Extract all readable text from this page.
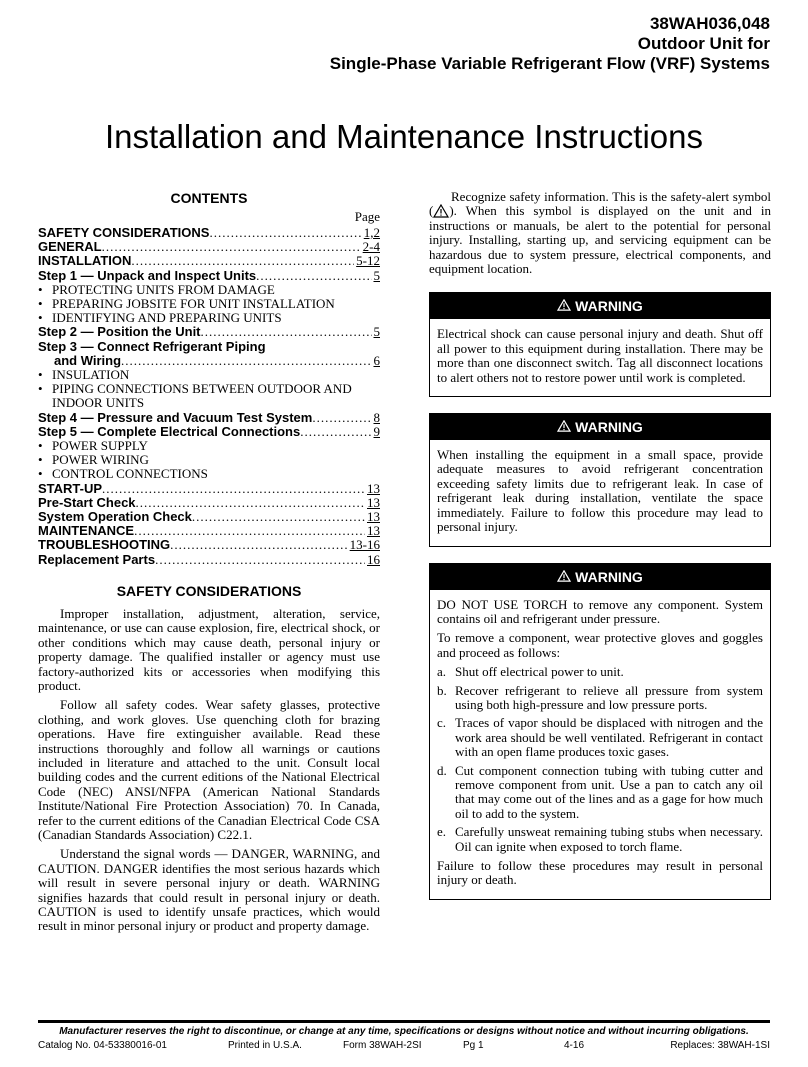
38WAH036,048
Outdoor Unit for
Single-Phase Variable Refrigerant Flow (VRF) Systems
Installation and Maintenance Instructions
CONTENTS
Page
SAFETY CONSIDERATIONS .....	1,2
GENERAL .....	2-4
INSTALLATION .....	5-12
Step 1 — Unpack and Inspect Units .....	5
• PROTECTING UNITS FROM DAMAGE
• PREPARING JOBSITE FOR UNIT INSTALLATION
• IDENTIFYING AND PREPARING UNITS
Step 2 — Position the Unit .....	5
Step 3 — Connect Refrigerant Piping
and Wiring .....	6
• INSULATION
• PIPING CONNECTIONS BETWEEN OUTDOOR AND INDOOR UNITS
Step 4 — Pressure and Vacuum Test System .....	8
Step 5 — Complete Electrical Connections .....	9
• POWER SUPPLY
• POWER WIRING
• CONTROL CONNECTIONS
START-UP .....	13
Pre-Start Check .....	13
System Operation Check .....	13
MAINTENANCE .....	13
TROUBLESHOOTING .....	13-16
Replacement Parts .....	16
SAFETY CONSIDERATIONS

Improper installation, adjustment, alteration, service, maintenance, or use can cause explosion, fire, electrical shock, or other conditions which may cause death, personal injury or property damage. The qualified installer or agency must use factory-authorized kits or accessories when modifying this product.

Follow all safety codes. Wear safety glasses, protective clothing, and work gloves. Use quenching cloth for brazing operations. Have fire extinguisher available. Read these instructions thoroughly and follow all warnings or cautions included in literature and attached to the unit. Consult local building codes and the current editions of the National Electrical Code (NEC) ANSI/NFPA (American National Standards Institute/National Fire Protection Association) 70. In Canada, refer to the current editions of the Canadian Electrical Code CSA (Canadian Standards Association) C22.1.

Understand the signal words — DANGER, WARNING, and CAUTION. DANGER identifies the most serious hazards which will result in severe personal injury or death. WARNING signifies hazards that could result in personal injury or death. CAUTION is used to identify unsafe practices, which would result in minor personal injury or product and property damage.

Recognize safety information. This is the safety-alert symbol ( ). When this symbol is displayed on the unit and in instructions or manuals, be alert to the potential for personal injury. Installing, starting up, and servicing equipment can be hazardous due to system pressure, electrical components, and equipment location.

WARNING

Electrical shock can cause personal injury and death. Shut off all power to this equipment during installation. There may be more than one disconnect switch. Tag all disconnect locations to alert others not to restore power until work is completed.

WARNING

When installing the equipment in a small space, provide adequate measures to avoid refrigerant concentration exceeding safety limits due to refrigerant leak. In case of refrigerant leak during installation, ventilate the space immediately. Failure to follow this procedure may lead to personal injury.

WARNING

DO NOT USE TORCH to remove any component. System contains oil and refrigerant under pressure.

To remove a component, wear protective gloves and goggles and proceed as follows:

a. Shut off electrical power to unit.
b. Recover refrigerant to relieve all pressure from system using both high-pressure and low pressure ports.
c. Traces of vapor should be displaced with nitrogen and the work area should be well ventilated. Refrigerant in contact with an open flame produces toxic gases.
d. Cut component connection tubing with tubing cutter and remove component from unit. Use a pan to catch any oil that may come out of the lines and as a gage for how much oil to add to the system.
e. Carefully unsweat remaining tubing stubs when necessary. Oil can ignite when exposed to torch flame.

Failure to follow these procedures may result in personal injury or death.

Manufacturer reserves the right to discontinue, or change at any time, specifications or designs without notice and without incurring obligations.
Catalog No. 04-53380016-01	Printed in U.S.A.	Form 38WAH-2SI	Pg 1	4-16	Replaces: 38WAH-1SI
